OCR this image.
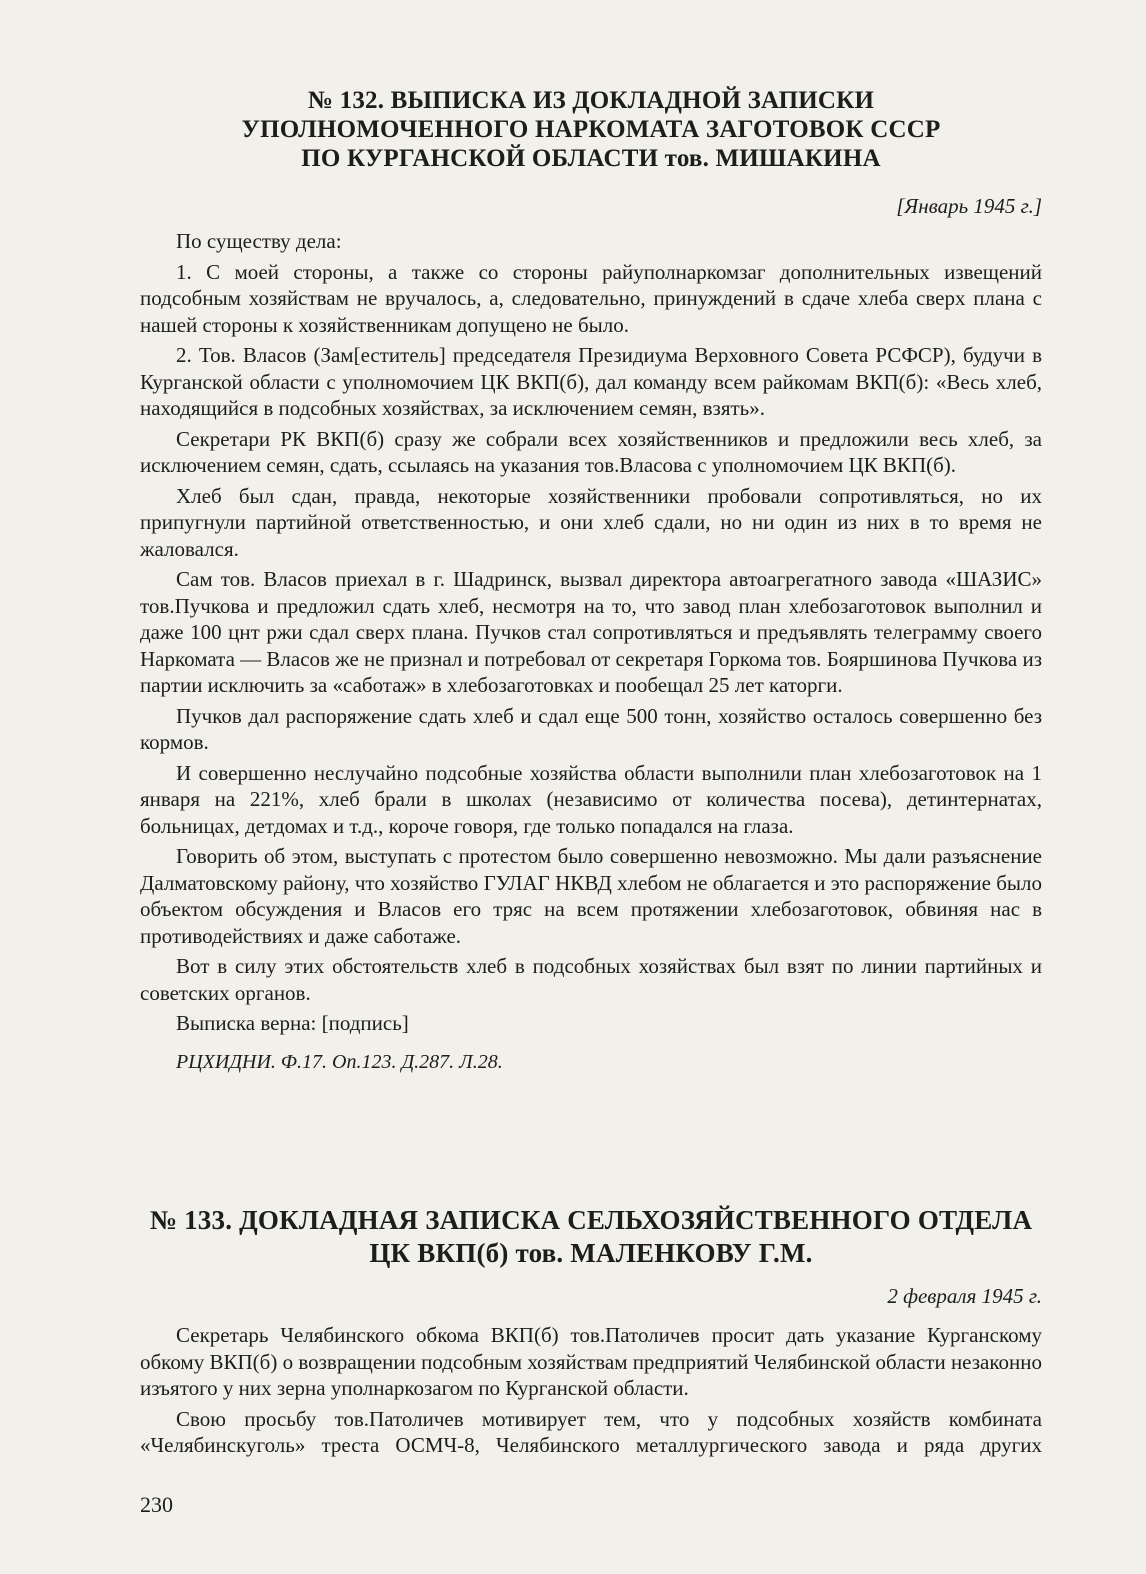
№ 132. ВЫПИСКА ИЗ ДОКЛАДНОЙ ЗАПИСКИ
УПОЛНОМОЧЕННОГО НАРКОМАТА ЗАГОТОВОК СССР
ПО КУРГАНСКОЙ ОБЛАСТИ тов. МИШАКИНА

[Январь 1945 г.]

По существу дела:

1. С моей стороны, а также со стороны райуполнаркомзаг дополнительных извещений подсобным хозяйствам не вручалось, а, следовательно, принуждений в сдаче хлеба сверх плана с нашей стороны к хозяйственникам допущено не было.

2. Тов. Власов (Зам[еститель] председателя Президиума Верховного Совета РСФСР), будучи в Курганской области с уполномочием ЦК ВКП(б), дал команду всем райкомам ВКП(б): «Весь хлеб, находящийся в подсобных хозяйствах, за исключением семян, взять».

Секретари РК ВКП(б) сразу же собрали всех хозяйственников и предложили весь хлеб, за исключением семян, сдать, ссылаясь на указания тов.Власова с уполномочием ЦК ВКП(б).

Хлеб был сдан, правда, некоторые хозяйственники пробовали сопротивляться, но их припугнули партийной ответственностью, и они хлеб сдали, но ни один из них в то время не жаловался.

Сам тов. Власов приехал в г. Шадринск, вызвал директора автоагрегатного завода «ШАЗИС» тов.Пучкова и предложил сдать хлеб, несмотря на то, что завод план хлебозаготовок выполнил и даже 100 цнт ржи сдал сверх плана. Пучков стал сопротивляться и предъявлять телеграмму своего Наркомата — Власов же не признал и потребовал от секретаря Горкома тов. Бояршинова Пучкова из партии исключить за «саботаж» в хлебозаготовках и пообещал 25 лет каторги.

Пучков дал распоряжение сдать хлеб и сдал еще 500 тонн, хозяйство осталось совершенно без кормов.

И совершенно неслучайно подсобные хозяйства области выполнили план хлебозаготовок на 1 января на 221%, хлеб брали в школах (независимо от количества посева), детинтернатах, больницах, детдомах и т.д., короче говоря, где только попадался на глаза.

Говорить об этом, выступать с протестом было совершенно невозможно. Мы дали разъяснение Далматовскому району, что хозяйство ГУЛАГ НКВД хлебом не облагается и это распоряжение было объектом обсуждения и Власов его тряс на всем протяжении хлебозаготовок, обвиняя нас в противодействиях и даже саботаже.

Вот в силу этих обстоятельств хлеб в подсобных хозяйствах был взят по линии партийных и советских органов.

Выписка верна: [подпись]

РЦХИДНИ. Ф.17. Оп.123. Д.287. Л.28.

№ 133. ДОКЛАДНАЯ ЗАПИСКА СЕЛЬХОЗЯЙСТВЕННОГО ОТДЕЛА
ЦК ВКП(б) тов. МАЛЕНКОВУ Г.М.

2 февраля 1945 г.

Секретарь Челябинского обкома ВКП(б) тов.Патоличев просит дать указание Курганскому обкому ВКП(б) о возвращении подсобным хозяйствам предприятий Челябинской области незаконно изъятого у них зерна уполнаркозагом по Курганской области.

Свою просьбу тов.Патоличев мотивирует тем, что у подсобных хозяйств комбината «Челябинскуголь» треста ОСМЧ-8, Челябинского металлургического завода и ряда других

230
